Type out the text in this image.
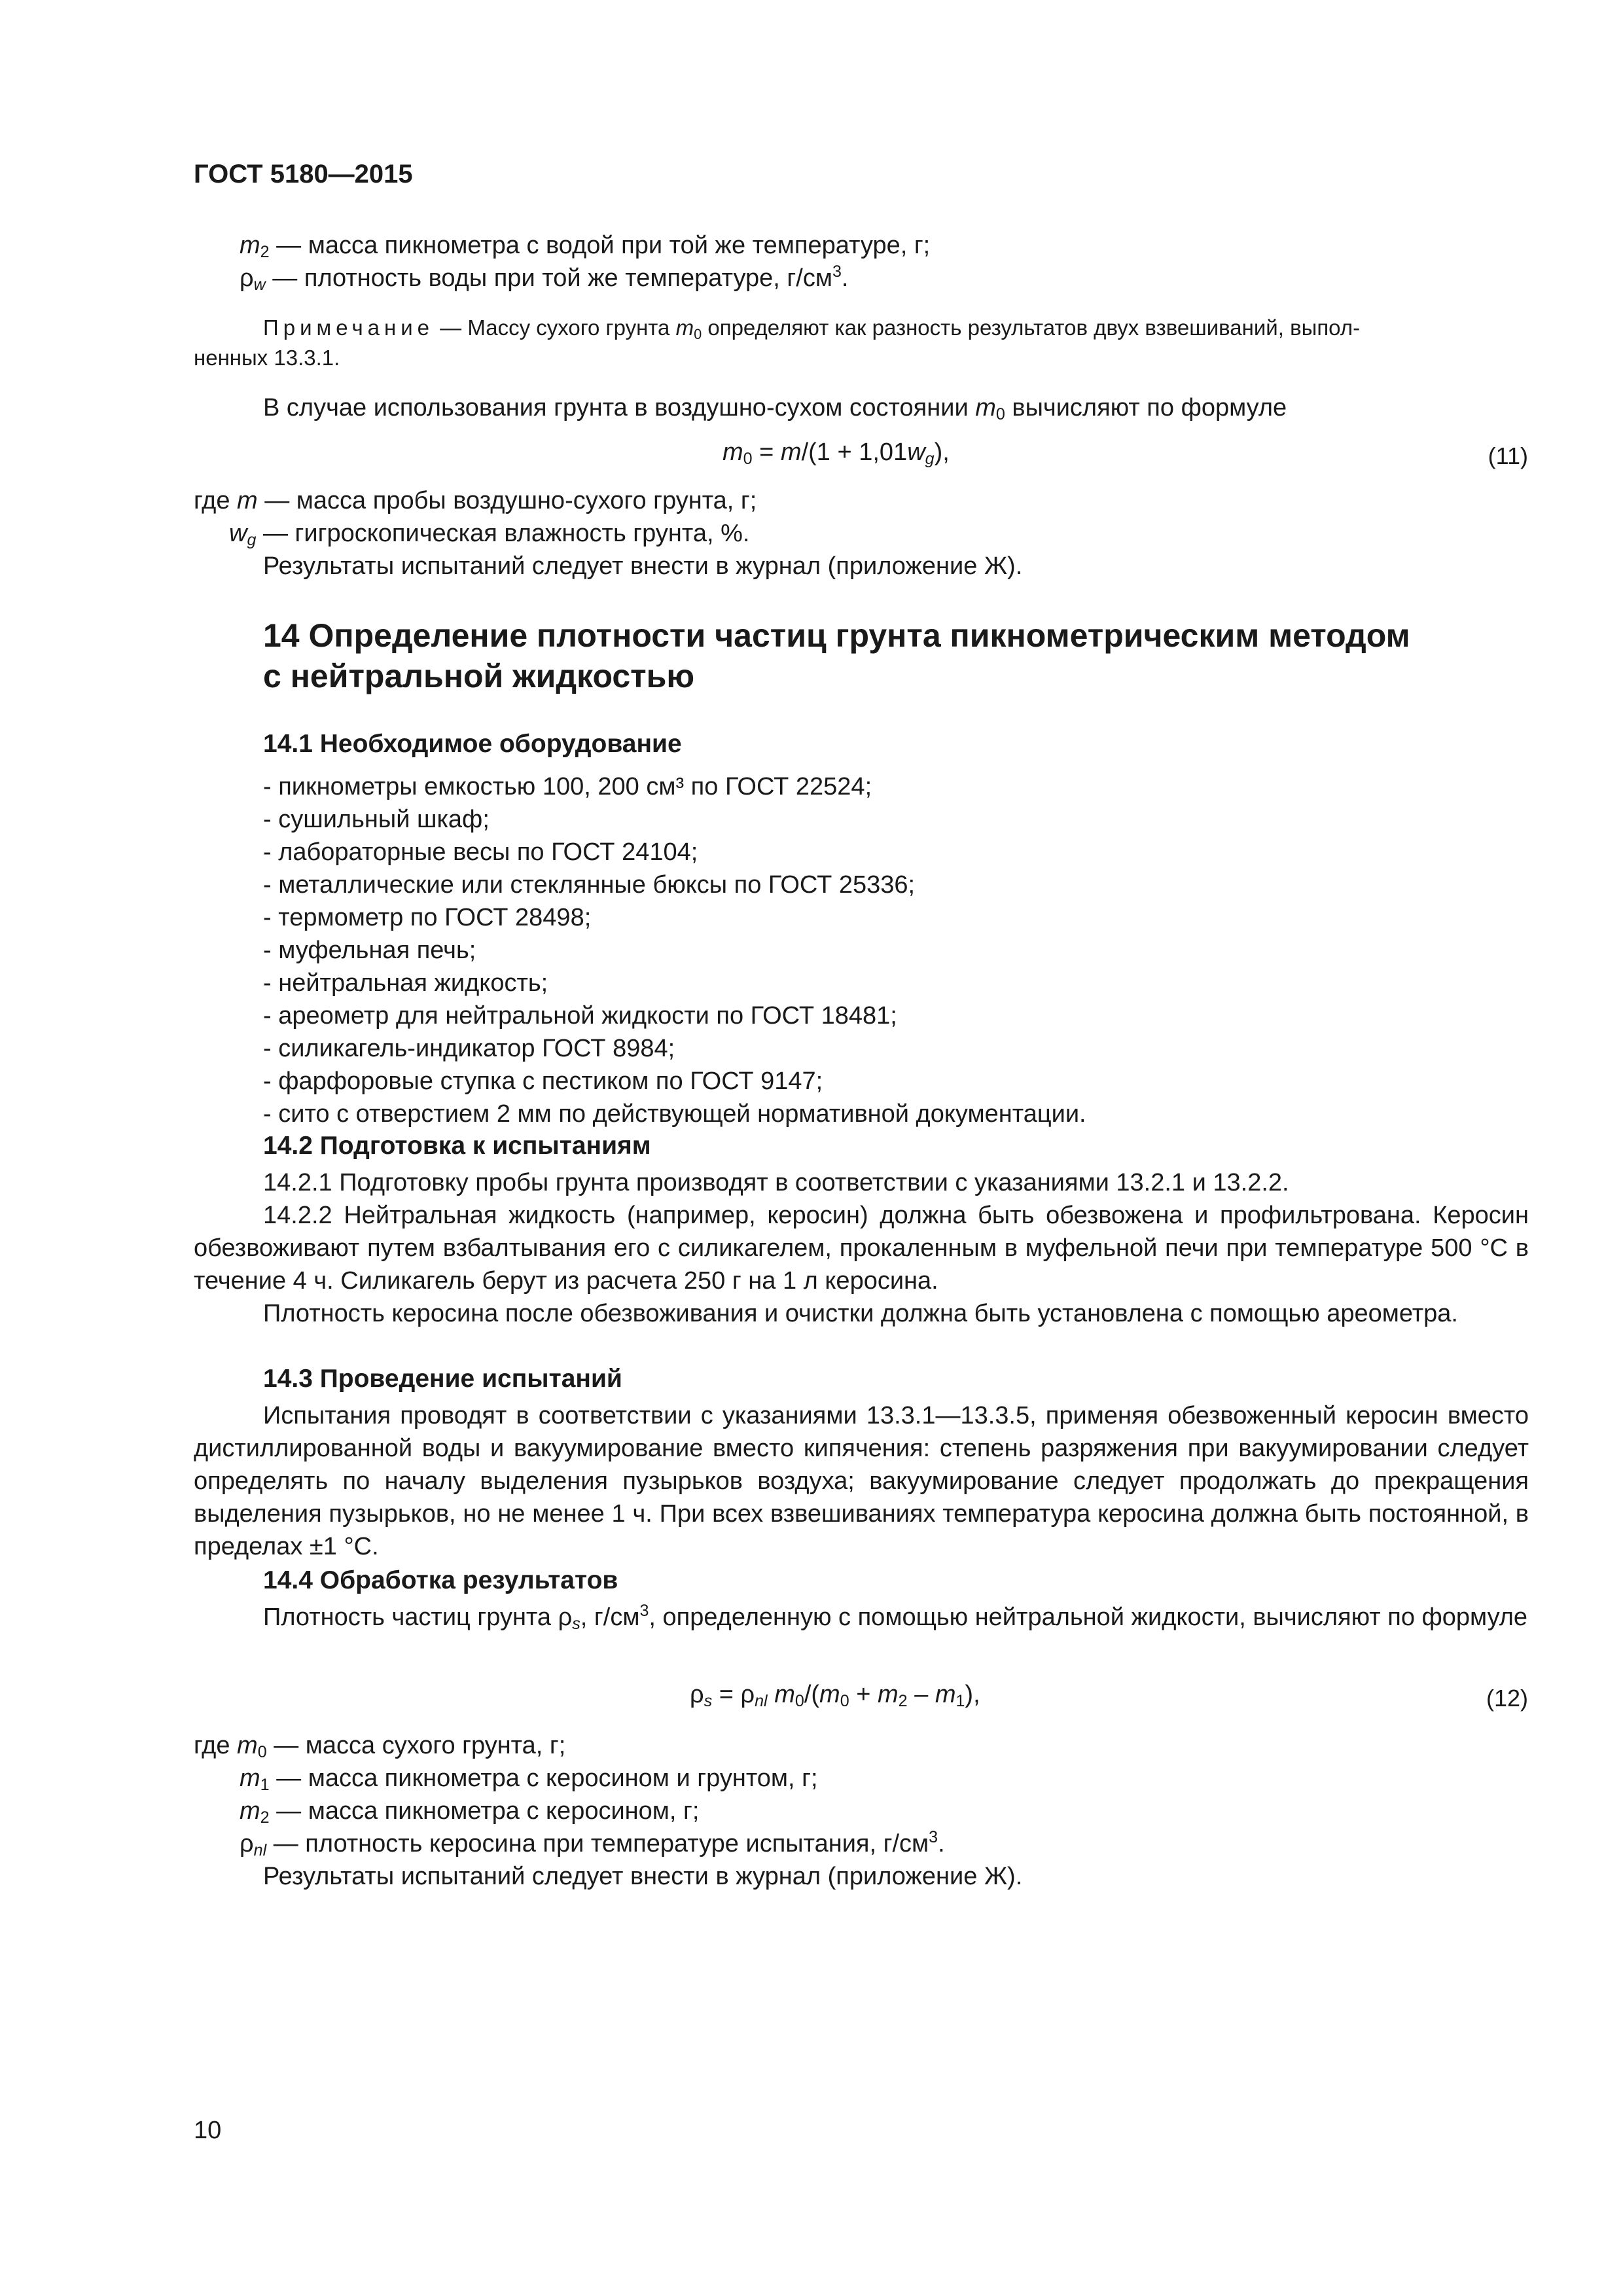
ГОСТ 5180—2015
$m_2$ — масса пикнометра с водой при той же температуре, г;
$\rho_w$ — плотность воды при той же температуре, $г/см^3$.
Примечание — Массу сухого грунта $m_0$ определяют как разность результатов двух взвешиваний, выпол-
ненных 13.3.1.
В случае использования грунта в воздушно-сухом состоянии $m_0$ вычисляют по формуле
$m_0 = m/(1 + 1,01w_g)$,	(11)
где m — масса пробы воздушно-сухого грунта, г;
$w_g$ — гигроскопическая влажность грунта, %.
Результаты испытаний следует внести в журнал (приложение Ж).
14 Определение плотности частиц грунта пикнометрическим методом
с нейтральной жидкостью
14.1 Необходимое оборудование
- пикнометры емкостью 100, 200 см³ по ГОСТ 22524;
- сушильный шкаф;
- лабораторные весы по ГОСТ 24104;
- металлические или стеклянные бюксы по ГОСТ 25336;
- термометр по ГОСТ 28498;
- муфельная печь;
- нейтральная жидкость;
- ареометр для нейтральной жидкости по ГОСТ 18481;
- силикагель-индикатор ГОСТ 8984;
- фарфоровые ступка с пестиком по ГОСТ 9147;
- сито с отверстием 2 мм по действующей нормативной документации.
14.2 Подготовка к испытаниям
14.2.1 Подготовку пробы грунта производят в соответствии с указаниями 13.2.1 и 13.2.2.
14.2.2 Нейтральная жидкость (например, керосин) должна быть обезвожена и профильтрована. Керосин обезвоживают путем взбалтывания его с силикагелем, прокаленным в муфельной печи при температуре 500 °С в течение 4 ч. Силикагель берут из расчета 250 г на 1 л керосина.
Плотность керосина после обезвоживания и очистки должна быть установлена с помощью ареометра.
14.3 Проведение испытаний
Испытания проводят в соответствии с указаниями 13.3.1—13.3.5, применяя обезвоженный керосин вместо дистиллированной воды и вакуумирование вместо кипячения: степень разряжения при вакуумировании следует определять по началу выделения пузырьков воздуха; вакуумирование следует продолжать до прекращения выделения пузырьков, но не менее 1 ч. При всех взвешиваниях температура керосина должна быть постоянной, в пределах ±1 °С.
14.4 Обработка результатов
Плотность частиц грунта $\rho_s$, $г/см^3$, определенную с помощью нейтральной жидкости, вычисляют по формуле
$\rho_s = \rho_{nl}$ $m_0/(m_0 + m_2 - m_1)$,	(12)
где $m_0$ — масса сухого грунта, г;
$m_1$ — масса пикнометра с керосином и грунтом, г;
$m_2$ — масса пикнометра с керосином, г;
$\rho_{nl}$ — плотность керосина при температуре испытания, $г/см^3$.
Результаты испытаний следует внести в журнал (приложение Ж).
10
